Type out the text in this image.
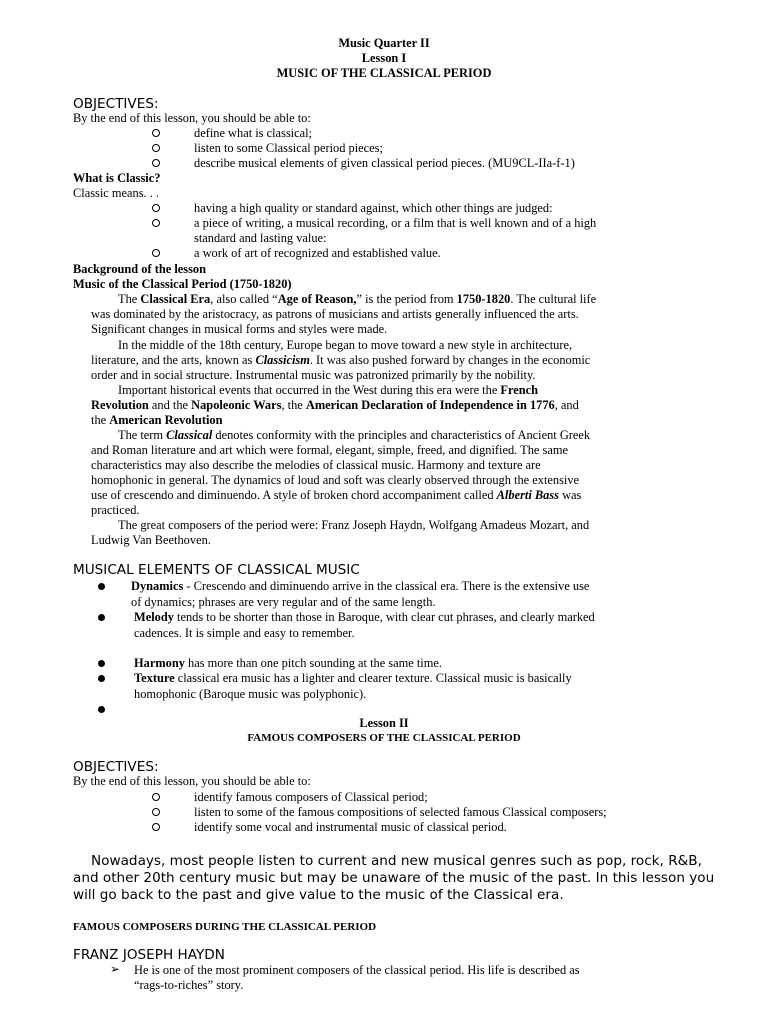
Music Quarter II
Lesson I
MUSIC OF THE CLASSICAL PERIOD
OBJECTIVES:
By the end of this lesson, you should be able to:
define what is classical;
listen to some Classical period pieces;
describe musical elements of given classical period pieces. (MU9CL-IIa-f-1)
What is Classic?
Classic means. . .
having a high quality or standard against, which other things are judged:
a piece of writing, a musical recording, or a film that is well known and of a high
standard and lasting value:
a work of art of recognized and established value.
Background of the lesson
Music of the Classical Period (1750-1820)
The Classical Era, also called “Age of Reason,” is the period from 1750-1820. The cultural life
was dominated by the aristocracy, as patrons of musicians and artists generally influenced the arts.
Significant changes in musical forms and styles were made.
In the middle of the 18th century, Europe began to move toward a new style in architecture,
literature, and the arts, known as Classicism. It was also pushed forward by changes in the economic
order and in social structure. Instrumental music was patronized primarily by the nobility.
Important historical events that occurred in the West during this era were the French
Revolution and the Napoleonic Wars, the American Declaration of Independence in 1776, and
the American Revolution
The term Classical denotes conformity with the principles and characteristics of Ancient Greek
and Roman literature and art which were formal, elegant, simple, freed, and dignified. The same
characteristics may also describe the melodies of classical music. Harmony and texture are
homophonic in general. The dynamics of loud and soft was clearly observed through the extensive
use of crescendo and diminuendo. A style of broken chord accompaniment called Alberti Bass was
practiced.
The great composers of the period were: Franz Joseph Haydn, Wolfgang Amadeus Mozart, and
Ludwig Van Beethoven.
MUSICAL ELEMENTS OF CLASSICAL MUSIC
Dynamics - Crescendo and diminuendo arrive in the classical era. There is the extensive use
of dynamics; phrases are very regular and of the same length.
Melody tends to be shorter than those in Baroque, with clear cut phrases, and clearly marked
cadences. It is simple and easy to remember.
Harmony has more than one pitch sounding at the same time.
Texture classical era music has a lighter and clearer texture. Classical music is basically
homophonic (Baroque music was polyphonic).
Lesson II
FAMOUS COMPOSERS OF THE CLASSICAL PERIOD
OBJECTIVES:
By the end of this lesson, you should be able to:
identify famous composers of Classical period;
listen to some of the famous compositions of selected famous Classical composers;
identify some vocal and instrumental music of classical period.
Nowadays, most people listen to current and new musical genres such as pop, rock, R&B,
and other 20th century music but may be unaware of the music of the past. In this lesson you
will go back to the past and give value to the music of the Classical era.
FAMOUS COMPOSERS DURING THE CLASSICAL PERIOD
FRANZ JOSEPH HAYDN
➢ He is one of the most prominent composers of the classical period. His life is described as
“rags-to-riches” story.
